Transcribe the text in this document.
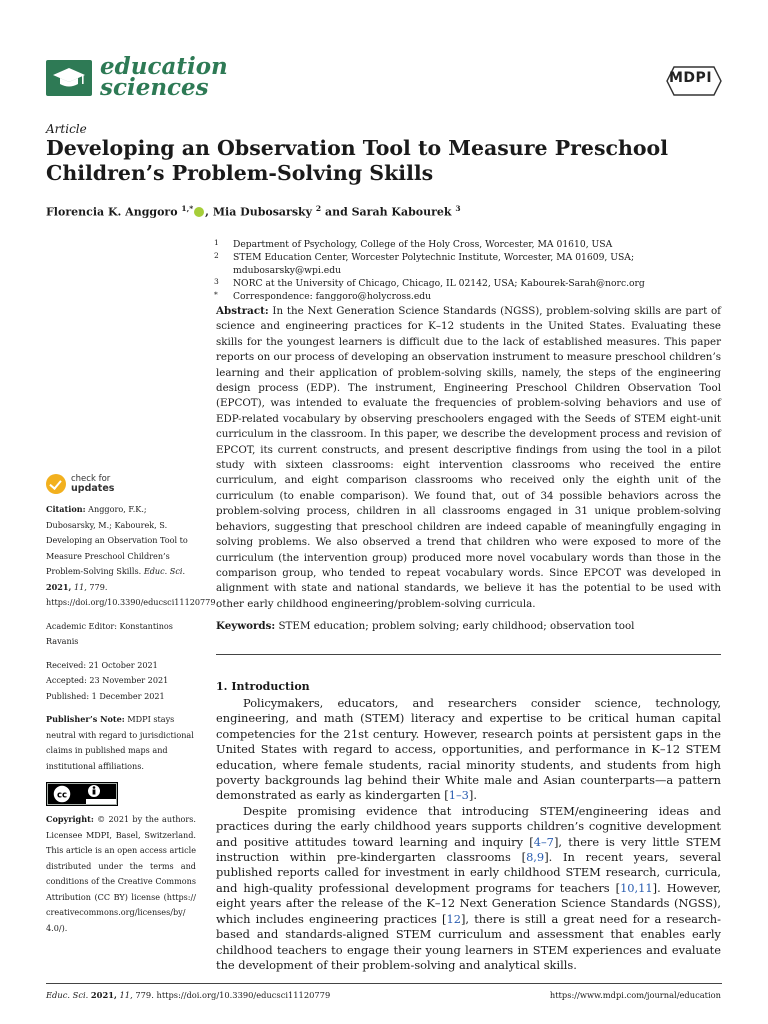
education
sciences	MDPI
Article
Developing an Observation Tool to Measure Preschool Children’s Problem-Solving Skills
Florencia K. Anggoro $^{1,*}$ , Mia Dubosarsky $^2$ and Sarah Kabourek $^3$
1 Department of Psychology, College of the Holy Cross, Worcester, MA 01610, USA
2 STEM Education Center, Worcester Polytechnic Institute, Worcester, MA 01609, USA; mdubosarsky@wpi.edu
3 NORC at the University of Chicago, Chicago, IL 02142, USA; Kabourek-Sarah@norc.org
* Correspondence: fanggoro@holycross.edu

Abstract: In the Next Generation Science Standards (NGSS), problem-solving skills are part of science and engineering practices for K–12 students in the United States. Evaluating these skills for the youngest learners is difficult due to the lack of established measures. This paper reports on our process of developing an observation instrument to measure preschool children’s learning and their application of problem-solving skills, namely, the steps of the engineering design process (EDP). The instrument, Engineering Preschool Children Observation Tool (EPCOT), was intended to evaluate the frequencies of problem-solving behaviors and use of EDP-related vocabulary by observing preschoolers engaged with the Seeds of STEM eight-unit curriculum in the classroom. In this paper, we describe the development process and revision of EPCOT, its current constructs, and present descriptive findings from using the tool in a pilot study with sixteen classrooms: eight intervention classrooms who received the entire curriculum, and eight comparison classrooms who received only the eighth unit of the curriculum (to enable comparison). We found that, out of 34 possible behaviors across the problem-solving process, children in all classrooms engaged in 31 unique problem-solving behaviors, suggesting that preschool children are indeed capable of meaningfully engaging in solving problems. We also observed a trend that children who were exposed to more of the curriculum (the intervention group) produced more novel vocabulary words than those in the comparison group, who tended to repeat vocabulary words. Since EPCOT was developed in alignment with state and national standards, we believe it has the potential to be used with other early childhood engineering/problem-solving curricula.

Keywords: STEM education; problem solving; early childhood; observation tool

check for
updates

Citation: Anggoro, F.K.; Dubosarsky, M.; Kabourek, S. Developing an Observation Tool to Measure Preschool Children’s Problem-Solving Skills. Educ. Sci. 2021, 11, 779. https://doi.org/10.3390/educsci11120779

Academic Editor: Konstantinos Ravanis

Received: 21 October 2021

Accepted: 23 November 2021

Published: 1 December 2021

Publisher’s Note: MDPI stays neutral with regard to jurisdictional claims in published maps and institutional affiliations.

cc

Copyright: © 2021 by the authors. Licensee MDPI, Basel, Switzerland. This article is an open access article distributed under the terms and conditions of the Creative Commons Attribution (CC BY) license (https:// creativecommons.org/licenses/by/ 4.0/).

1. Introduction

Policymakers, educators, and researchers consider science, technology, engineering, and math (STEM) literacy and expertise to be critical human capital competencies for the 21st century. However, research points at persistent gaps in the United States with regard to access, opportunities, and performance in K–12 STEM education, where female students, racial minority students, and students from high poverty backgrounds lag behind their White male and Asian counterparts—a pattern demonstrated as early as kindergarten [1–3].

Despite promising evidence that introducing STEM/engineering ideas and practices during the early childhood years supports children’s cognitive development and positive attitudes toward learning and inquiry [4–7], there is very little STEM instruction within pre-kindergarten classrooms [8,9]. In recent years, several published reports called for investment in early childhood STEM research, curricula, and high-quality professional development programs for teachers [10,11]. However, eight years after the release of the K–12 Next Generation Science Standards (NGSS), which includes engineering practices [12], there is still a great need for a research-based and standards-aligned STEM curriculum and assessment that enables early childhood teachers to engage their young learners in STEM experiences and evaluate the development of their problem-solving and analytical skills.

Educ. Sci. 2021, 11, 779. https://doi.org/10.3390/educsci11120779	https://www.mdpi.com/journal/education
